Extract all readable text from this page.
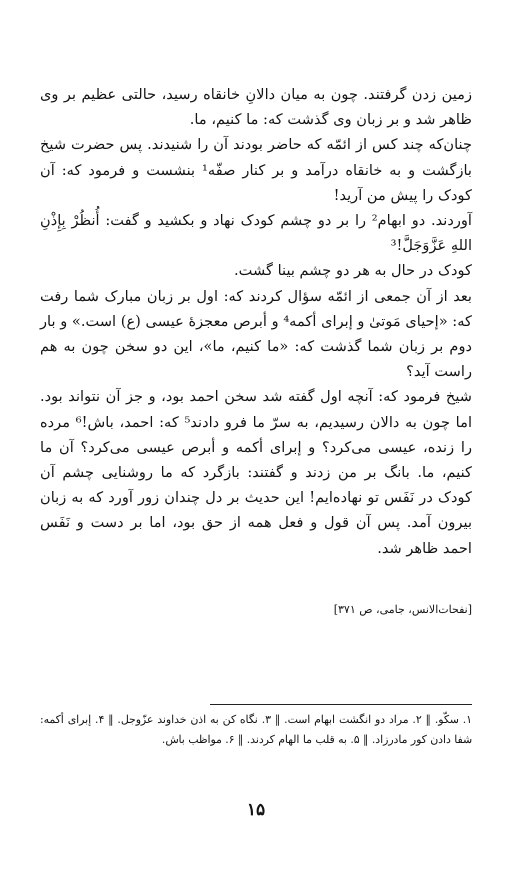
زمین زدن گرفتند. چون به میان دالانِ خانقاه رسید، حالتی عظیم بر وی ظاهر شد و بر زبان وی گذشت که: ما کنیم، ما.

چنان‌که چند کس از ائمّه که حاضر بودند آن را شنیدند. پس حضرت شیخ بازگشت و به خانقاه درآمد و بر کنار صفّه¹ بنشست و فرمود که: آن کودک را پیش من آرید!

آوردند. دو ابهام² را بر دو چشم کودک نهاد و بکشید و گفت: أُنظُرْ بِإِذْنِ اللهِ عَزَّوَجَلَّ!³

کودک در حال به هر دو چشم بینا گشت.

بعد از آن جمعی از ائمّه سؤال کردند که: اول بر زبان مبارک شما رفت که: «إحیای مَوتیٰ و إبرای أکمه⁴ و أبرص معجزهٔ عیسی (ع) است.» و بار دوم بر زبان شما گذشت که: «ما کنیم، ما»، این دو سخن چون به هم راست آید؟

شیخ فرمود که: آنچه اول گفته شد سخن احمد بود، و جز آن نتواند بود. اما چون به دالان رسیدیم، به سرّ ما فرو دادند⁵ که: احمد، باش!⁶ مرده را زنده، عیسی می‌کرد؟ و إبرای أکمه و أبرص عیسی می‌کرد؟ آن ما کنیم، ما. بانگ بر من زدند و گفتند: بازگرد که ما روشنایی چشم آن کودک در نَفَس تو نهاده‌ایم! این حدیث بر دل چندان زور آورد که به زبان بیرون آمد. پس آن قول و فعل همه از حق بود، اما بر دست و نَفَس احمد ظاهر شد.

[نفحات‌الانس، جامی، ص ۳۷۱]

۱. سکّو. ‖ ۲. مراد دو انگشت ابهام است. ‖ ۳. نگاه کن به اذن خداوند عزّوجل. ‖ ۴. إبرای أکمه: شفا دادن کور مادرزاد. ‖ ۵. به قلب ما الهام کردند. ‖ ۶. مواظب باش.

۱۵
